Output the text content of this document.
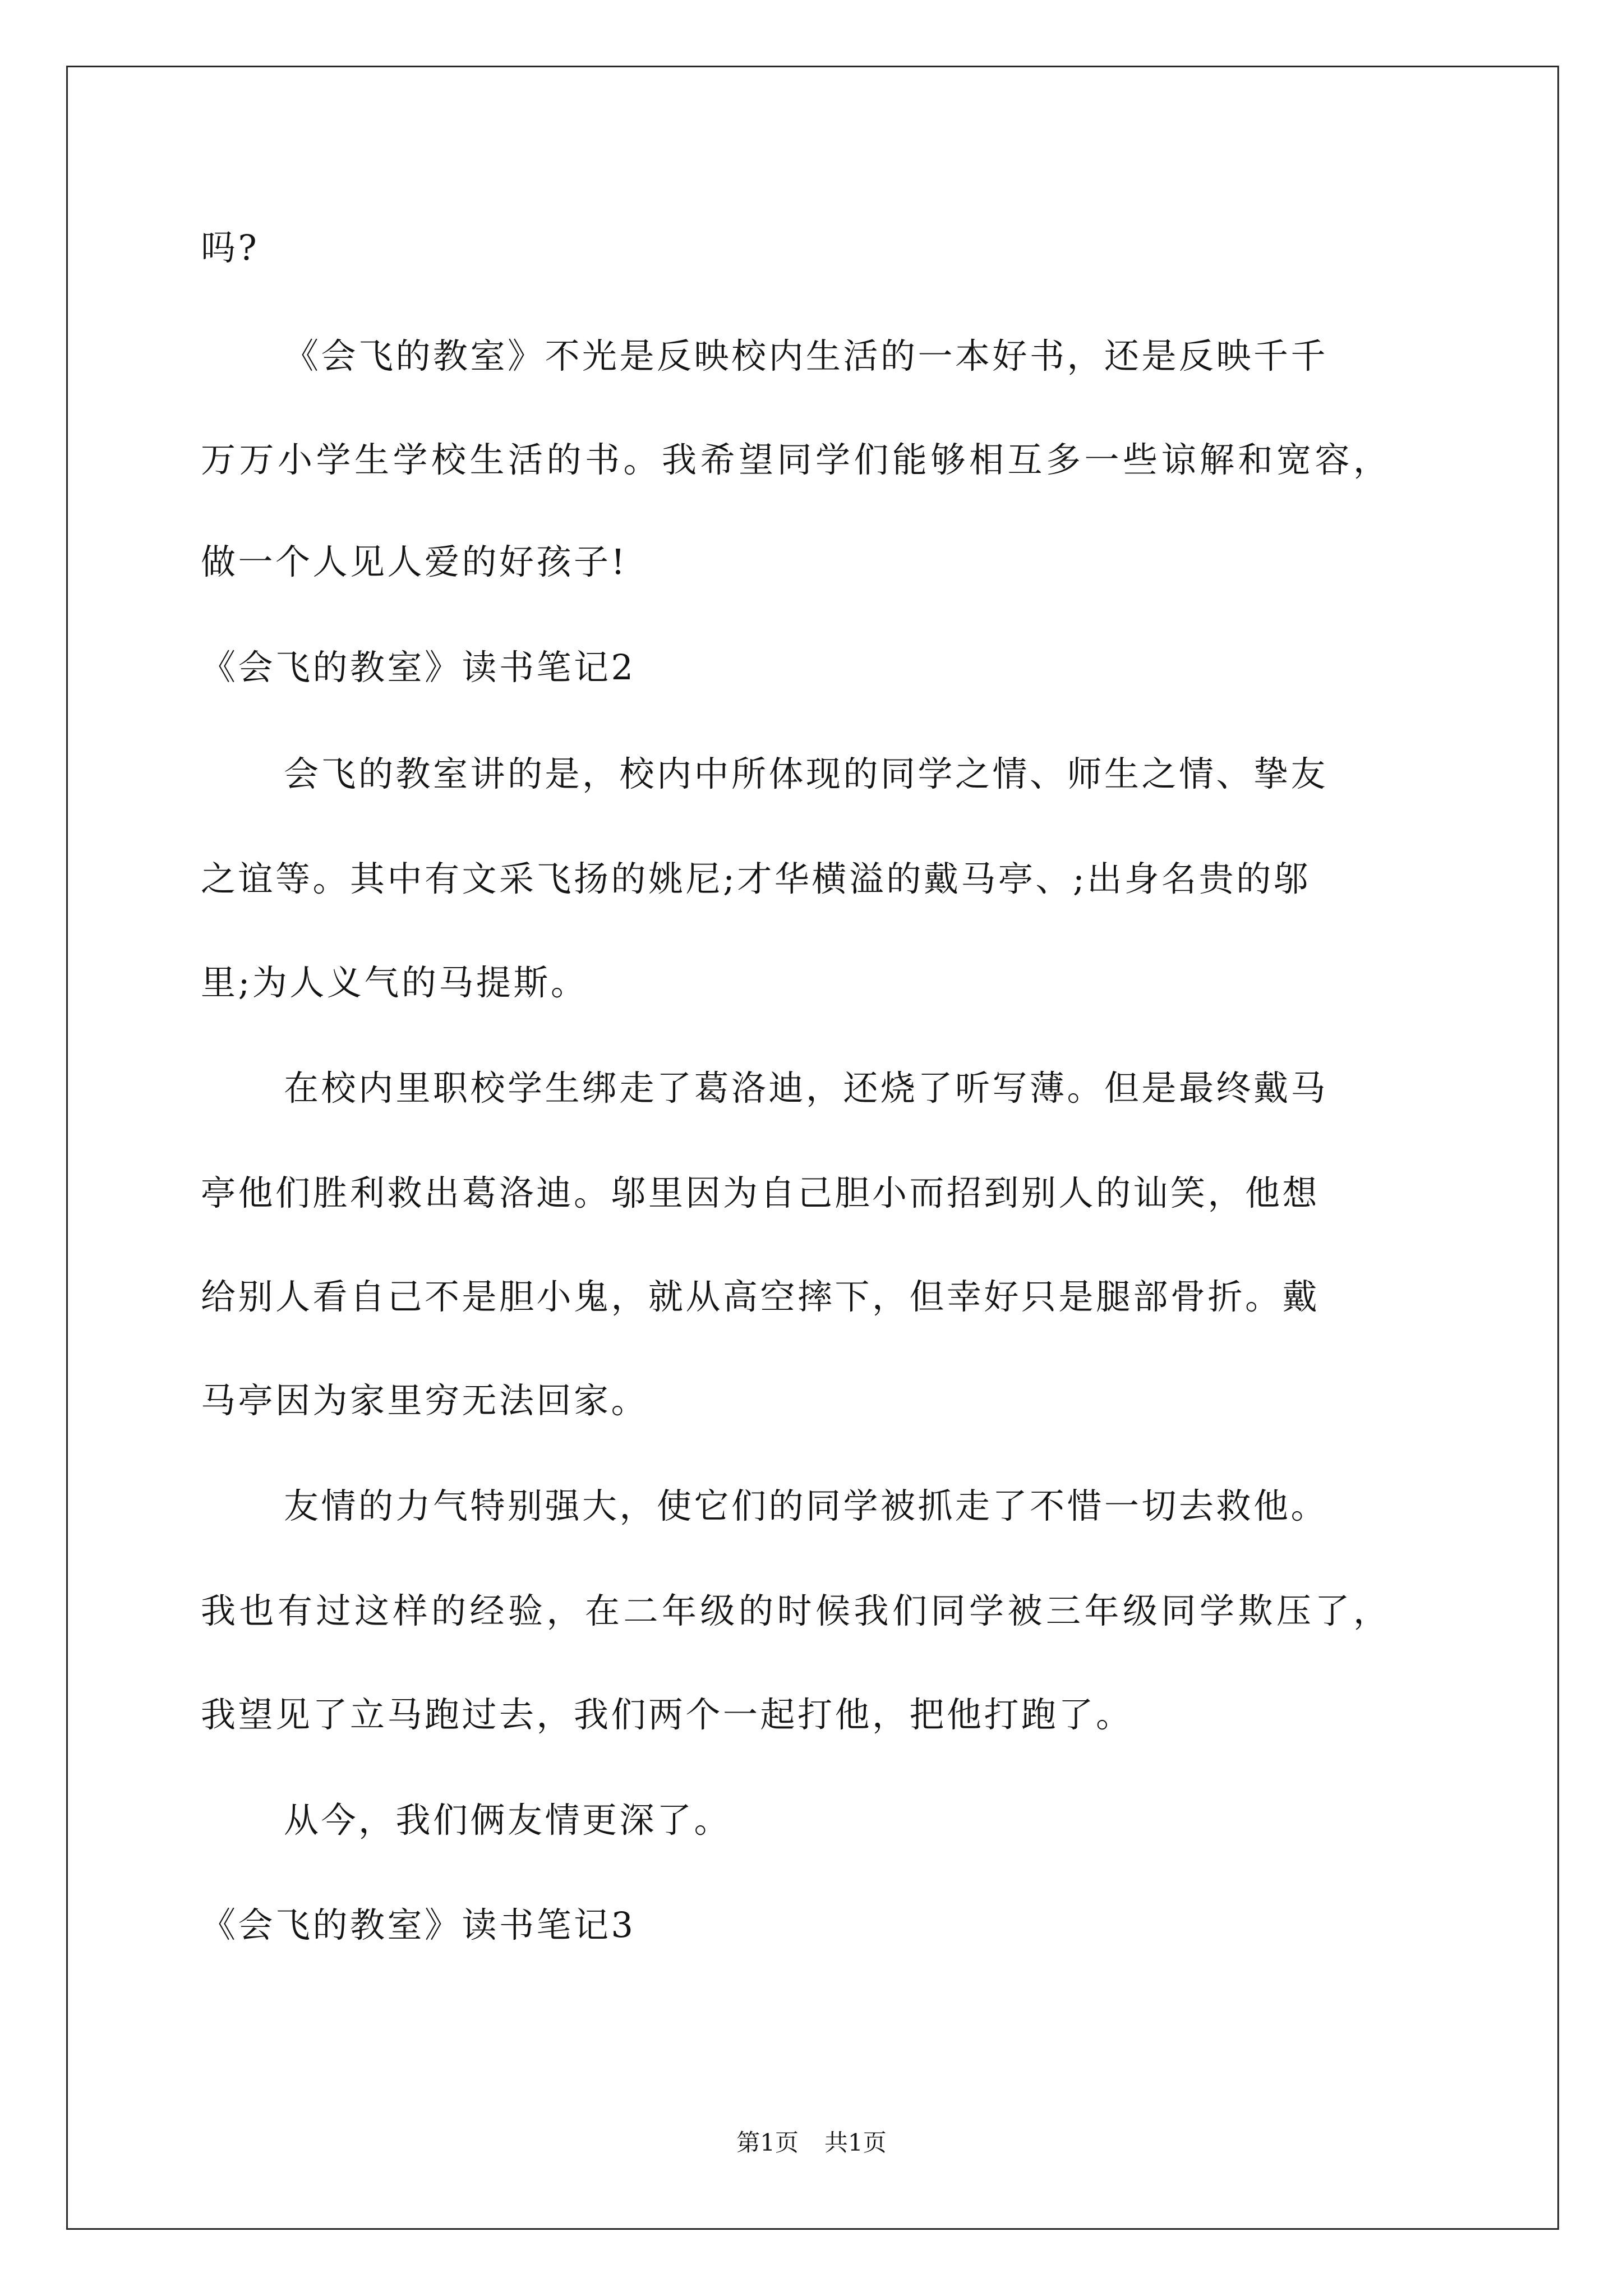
吗?
《会飞的教室》不光是反映校内生活的一本好书，还是反映千千
万万小学生学校生活的书。我希望同学们能够相互多一些谅解和宽容，
做一个人见人爱的好孩子!
《会飞的教室》读书笔记2
会飞的教室讲的是，校内中所体现的同学之情、师生之情、挚友
之谊等。其中有文采飞扬的姚尼;才华横溢的戴马亭、;出身名贵的邬
里;为人义气的马提斯。
在校内里职校学生绑走了葛洛迪，还烧了听写薄。但是最终戴马
亭他们胜利救出葛洛迪。邬里因为自己胆小而招到别人的讪笑，他想
给别人看自己不是胆小鬼，就从高空摔下，但幸好只是腿部骨折。戴
马亭因为家里穷无法回家。
友情的力气特别强大，使它们的同学被抓走了不惜一切去救他。
我也有过这样的经验，在二年级的时候我们同学被三年级同学欺压了，
我望见了立马跑过去，我们两个一起打他，把他打跑了。
从今，我们俩友情更深了。
《会飞的教室》读书笔记3
第1页 共1页
